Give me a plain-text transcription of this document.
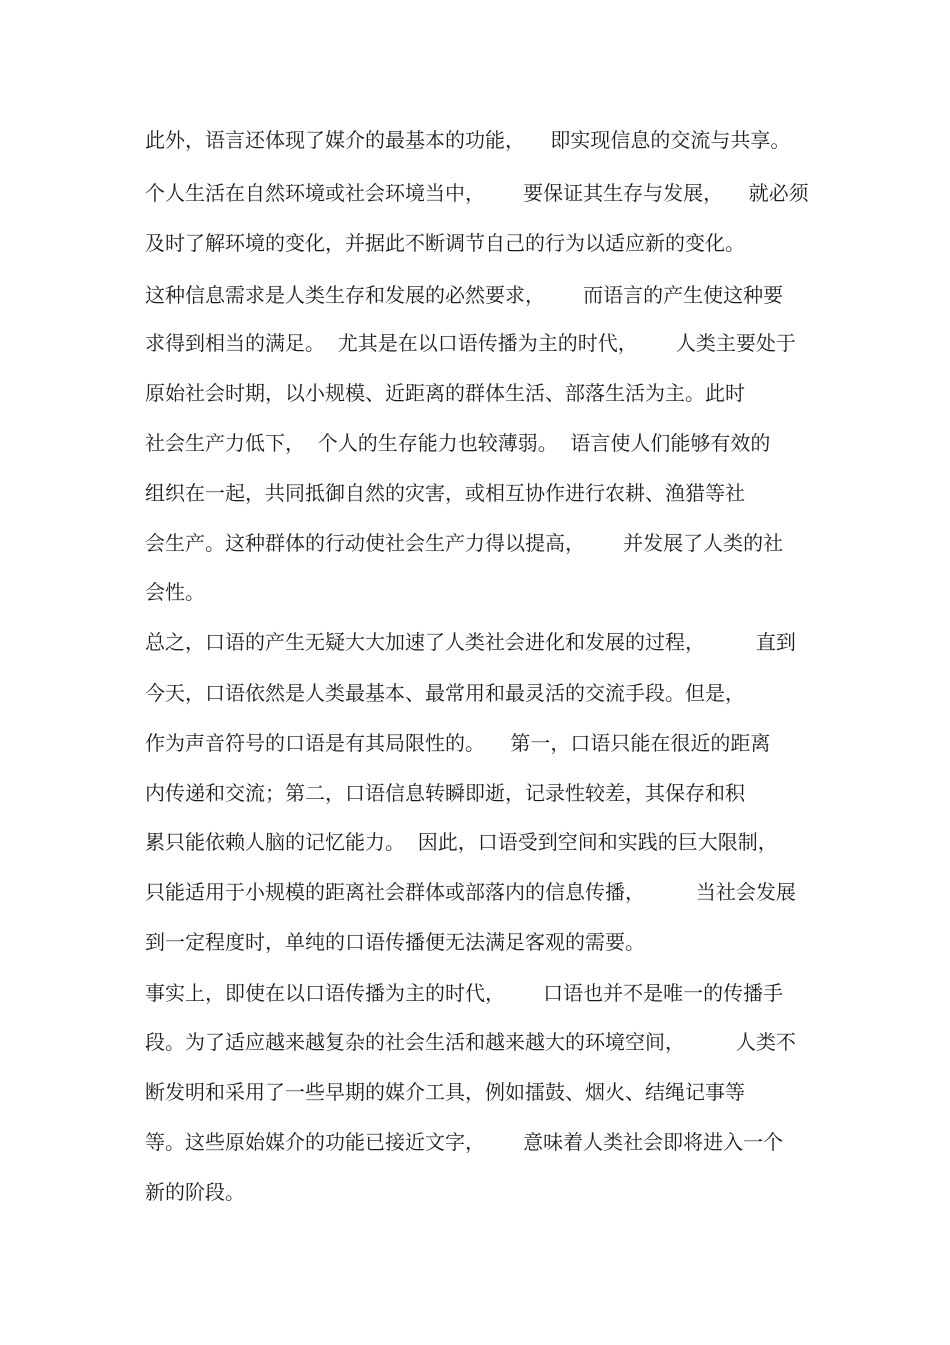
此外，语言还体现了媒介的最基本的功能，    即实现信息的交流与共享。
个人生活在自然环境或社会环境当中，      要保证其生存与发展，    就必须
及时了解环境的变化，并据此不断调节自己的行为以适应新的变化。
这种信息需求是人类生存和发展的必然要求，      而语言的产生使这种要
求得到相当的满足。  尤其是在以口语传播为主的时代，      人类主要处于
原始社会时期，以小规模、近距离的群体生活、部落生活为主。此时
社会生产力低下，  个人的生存能力也较薄弱。  语言使人们能够有效的
组织在一起，共同抵御自然的灾害，或相互协作进行农耕、渔猎等社
会生产。这种群体的行动使社会生产力得以提高，      并发展了人类的社
会性。
总之，口语的产生无疑大大加速了人类社会进化和发展的过程，        直到
今天，口语依然是人类最基本、最常用和最灵活的交流手段。但是，
作为声音符号的口语是有其局限性的。    第一，口语只能在很近的距离
内传递和交流；第二，口语信息转瞬即逝，记录性较差，其保存和积
累只能依赖人脑的记忆能力。  因此，口语受到空间和实践的巨大限制，
只能适用于小规模的距离社会群体或部落内的信息传播，        当社会发展
到一定程度时，单纯的口语传播便无法满足客观的需要。
事实上，即使在以口语传播为主的时代，      口语也并不是唯一的传播手
段。为了适应越来越复杂的社会生活和越来越大的环境空间，        人类不
断发明和采用了一些早期的媒介工具，例如擂鼓、烟火、结绳记事等
等。这些原始媒介的功能已接近文字，      意味着人类社会即将进入一个
新的阶段。
